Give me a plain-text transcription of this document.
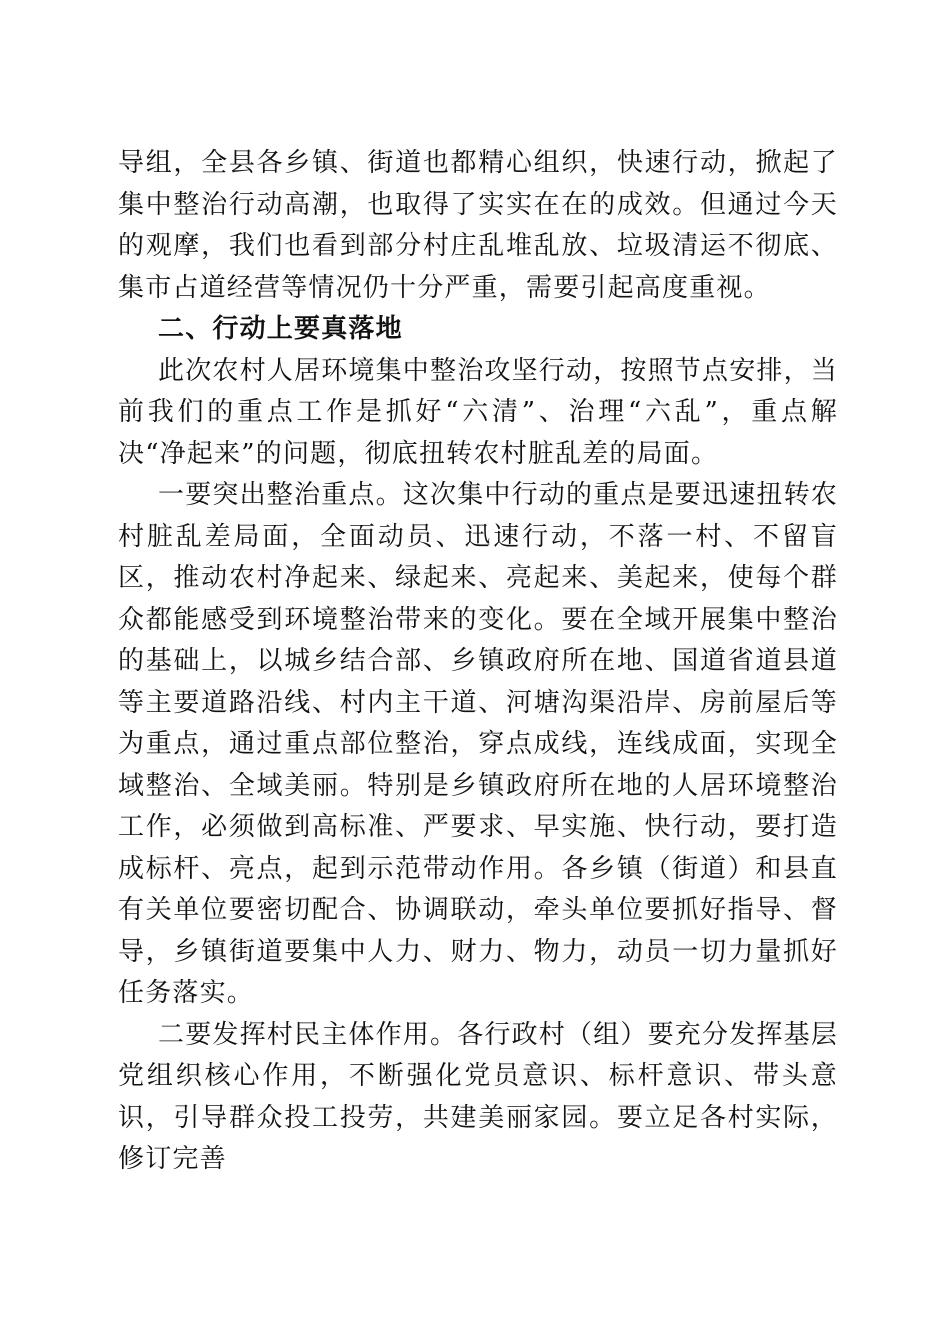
导组，全县各乡镇、街道也都精心组织，快速行动，掀起了集中整治行动高潮，也取得了实实在在的成效。但通过今天的观摩，我们也看到部分村庄乱堆乱放、垃圾清运不彻底、集市占道经营等情况仍十分严重，需要引起高度重视。

二、行动上要真落地

此次农村人居环境集中整治攻坚行动，按照节点安排，当前我们的重点工作是抓好“六清”、治理“六乱”，重点解决“净起来”的问题，彻底扭转农村脏乱差的局面。

一要突出整治重点。这次集中行动的重点是要迅速扭转农村脏乱差局面，全面动员、迅速行动，不落一村、不留盲区，推动农村净起来、绿起来、亮起来、美起来，使每个群众都能感受到环境整治带来的变化。要在全域开展集中整治的基础上，以城乡结合部、乡镇政府所在地、国道省道县道等主要道路沿线、村内主干道、河塘沟渠沿岸、房前屋后等为重点，通过重点部位整治，穿点成线，连线成面，实现全域整治、全域美丽。特别是乡镇政府所在地的人居环境整治工作，必须做到高标准、严要求、早实施、快行动，要打造成标杆、亮点，起到示范带动作用。各乡镇（街道）和县直有关单位要密切配合、协调联动，牵头单位要抓好指导、督导，乡镇街道要集中人力、财力、物力，动员一切力量抓好任务落实。

二要发挥村民主体作用。各行政村（组）要充分发挥基层党组织核心作用，不断强化党员意识、标杆意识、带头意识，引导群众投工投劳，共建美丽家园。要立足各村实际，修订完善
